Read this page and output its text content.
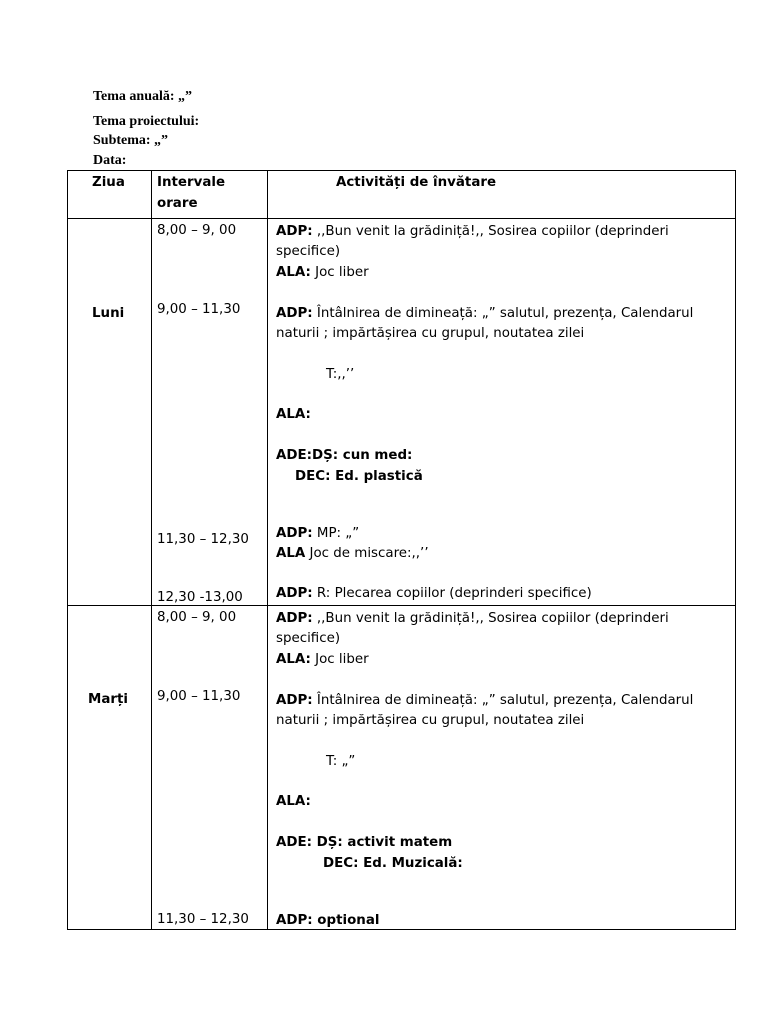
Tema anuală: „”
Tema proiectului:
Subtema: „”
Data:
Ziua Intervale
orare
Activități de învătare
Luni
8,00 – 9, 00
9,00 – 11,30
11,30 – 12,30
12,30 -13,00
ADP: ,,Bun venit la grădiniță!,, Sosirea copiilor (deprinderi
specifice)
ALA: Joc liber
ADP: Întâlnirea de dimineață: „” salutul, prezența, Calendarul
naturii ; impărtășirea cu grupul, noutatea zilei
T:,,’’
ALA:
ADE:DȘ: cun med:
DEC: Ed. plastică
ADP: MP: „”
ALA Joc de miscare:,,’’
ADP: R: Plecarea copiilor (deprinderi specifice)
Marți
8,00 – 9, 00
9,00 – 11,30
11,30 – 12,30
ADP: ,,Bun venit la grădiniță!,, Sosirea copiilor (deprinderi
specifice)
ALA: Joc liber
ADP: Întâlnirea de dimineață: „” salutul, prezența, Calendarul
naturii ; impărtășirea cu grupul, noutatea zilei
T: „”
ALA:
ADE: DȘ: activit matem
DEC: Ed. Muzicală:
ADP: optional
